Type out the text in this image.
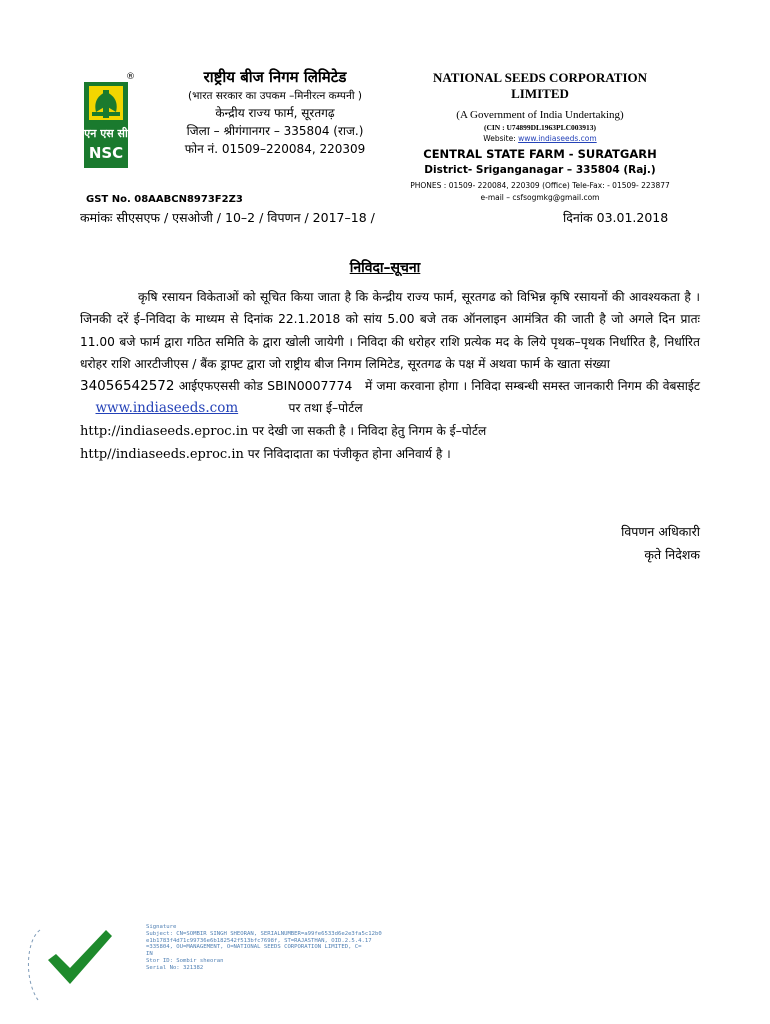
एन एस सी
NSC
®	राष्ट्रीय बीज निगम लिमिटेड
(भारत सरकार का उपकम –मिनीरत्न कम्पनी )
केन्द्रीय राज्य फार्म, सूरतगढ़
जिला – श्रीगंगानगर – 335804 (राज.)
फोन नं. 01509–220084, 220309
NATIONAL SEEDS CORPORATION
LIMITED
(A Government of India Undertaking)
(CIN : U74899DL1963PLC003913)
Website: www.indiaseeds.com
CENTRAL STATE FARM - SURATGARH
District- Sriganganagar – 335804 (Raj.)
PHONES : 01509- 220084, 220309 (Office) Tele-Fax: - 01509- 223877
e-mail – csfsogmkg@gmail.com
GST No. 08AABCN8973F2Z3
कमांकः सीएसएफ / एसओजी / 10–2 / विपणन / 2017–18 /	दिनांक 03.01.2018
निविदा–सूचना
कृषि रसायन विकेताओं को सूचित किया जाता है कि केन्द्रीय राज्य फार्म, सूरतगढ को विभिन्न कृषि रसायनों की आवश्यकता है । जिनकी दरें ई–निविदा के माध्यम से दिनांक 22.1.2018 को सांय 5.00 बजे तक ऑनलाइन आमंत्रित की जाती है जो अगले दिन प्रातः 11.00 बजे फार्म द्वारा गठित समिति के द्वारा खोली जायेगी । निविदा की धरोहर राशि प्रत्येक मद के लिये पृथक–पृथक निर्धारित है, निर्धारित धरोहर राशि आरटीजीएस / बैंक ड्राफ्ट द्वारा जो राष्ट्रीय बीज निगम लिमिटेड, सूरतगढ के पक्ष में अथवा फार्म के खाता संख्या
34056542572 आईएफएससी कोड SBIN0007774 में जमा करवाना होगा । निविदा सम्बन्धी समस्त जानकारी निगम की वेबसाईट     www.indiaseeds.com	पर तथा ई–पोर्टल
http://indiaseeds.eproc.in पर देखी जा सकती है । निविदा हेतु निगम के ई–पोर्टल
http//indiaseeds.eproc.in पर निविदादाता का पंजीकृत होना अनिवार्य है ।
विपणन अधिकारी
कृते निदेशक
Signature
Subject: CN=SOMBIR SINGH SHEORAN, SERIALNUMBER=a99fe6533d6e2e3fa5c12b0
e1b1783f4d71c99736e6b182542f513bfc7698f, ST=RAJASTHAN, OID.2.5.4.17
=335804, OU=MANAGEMENT, O=NATIONAL SEEDS CORPORATION LIMITED, C=
IN
Stor ID: Sombir sheoran
Serial No: 321382
